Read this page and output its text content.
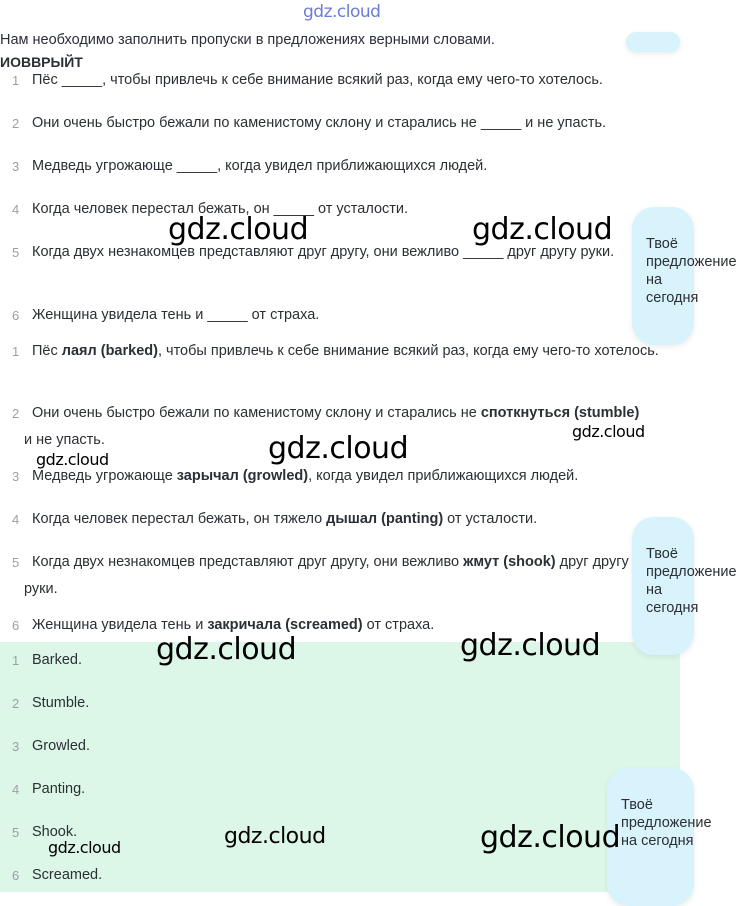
gdz.cloud
Нам необходимо заполнить пропуски в предложениях верными словами.
ИОВВРЫЙТ
1 Пёс _____, чтобы привлечь к себе внимание всякий раз, когда ему чего-то хотелось.
2 Они очень быстро бежали по каменистому склону и старались не _____ и не упасть.
3 Медведь угрожающе _____, когда увидел приближающихся людей.
4 Когда человек перестал бежать, он _____ от усталости.
5 Когда двух незнакомцев представляют друг другу, они вежливо _____ друг другу руки.
6 Женщина увидела тень и _____ от страха.
1 Пёс лаял (barked), чтобы привлечь к себе внимание всякий раз, когда ему чего-то хотелось.
2 Они очень быстро бежали по каменистому склону и старались не споткнуться (stumble) и не упасть.
3 Медведь угрожающе зарычал (growled), когда увидел приближающихся людей.
4 Когда человек перестал бежать, он тяжело дышал (panting) от усталости.
5 Когда двух незнакомцев представляют друг другу, они вежливо жмут (shook) друг другу руки.
6 Женщина увидела тень и закричала (screamed) от страха.
1 Barked.
2 Stumble.
3 Growled.
4 Panting.
5 Shook.
6 Screamed.
Твоё
предложение
на сегодня
Твоё
предложение
на сегодня
Твоё
предложение
на сегодня
gdz.cloud	gdz.cloud
gdz.cloud	gdz.cloud
gdz.cloud
gdz.cloud	gdz.cloud
gdz.cloud	gdz.cloud
gdz.cloud
